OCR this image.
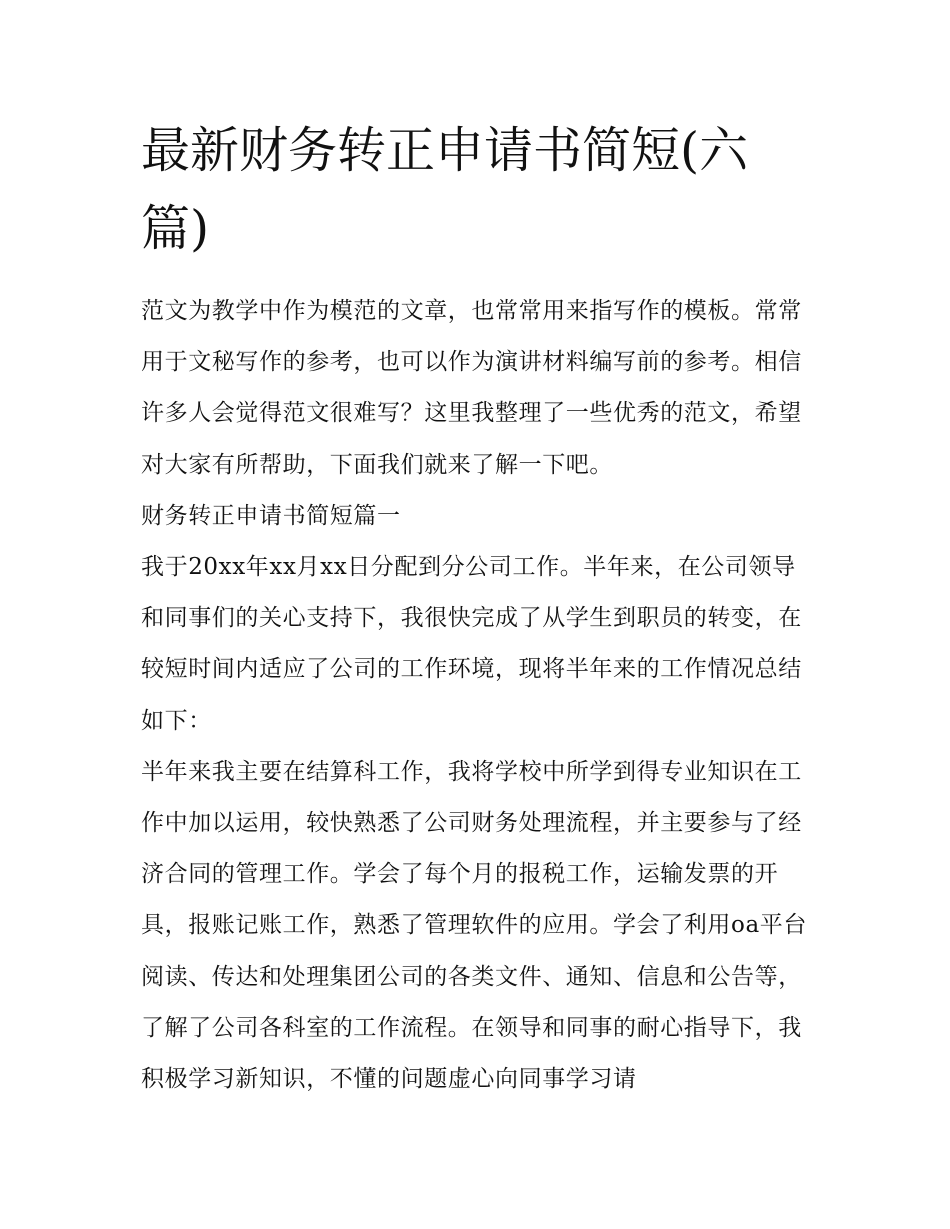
最新财务转正申请书简短(六篇)

范文为教学中作为模范的文章，也常常用来指写作的模板。常常用于文秘写作的参考，也可以作为演讲材料编写前的参考。相信许多人会觉得范文很难写？这里我整理了一些优秀的范文，希望对大家有所帮助，下面我们就来了解一下吧。

财务转正申请书简短篇一

我于20xx年xx月xx日分配到分公司工作。半年来，在公司领导和同事们的关心支持下，我很快完成了从学生到职员的转变，在较短时间内适应了公司的工作环境，现将半年来的工作情况总结如下：

半年来我主要在结算科工作，我将学校中所学到得专业知识在工作中加以运用，较快熟悉了公司财务处理流程，并主要参与了经济合同的管理工作。学会了每个月的报税工作，运输发票的开具，报账记账工作，熟悉了管理软件的应用。学会了利用oa平台阅读、传达和处理集团公司的各类文件、通知、信息和公告等，了解了公司各科室的工作流程。在领导和同事的耐心指导下，我积极学习新知识，不懂的问题虚心向同事学习请
